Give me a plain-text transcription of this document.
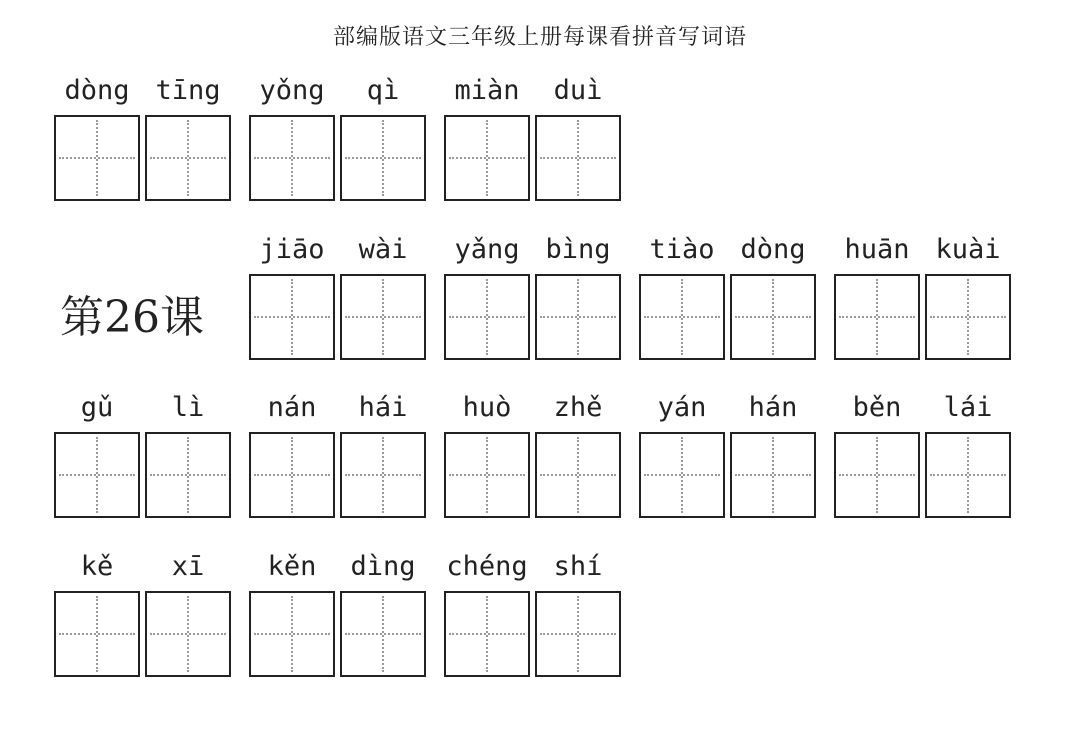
部编版语文三年级上册每课看拼音写词语
第26课
dòng tīng	yǒng	qì	miàn	duì
jiāo	wài	yǎng bìng	tiào dòng	huān kuài
gǔ	lì	nán	hái	huò	zhě	yán	hán	běn	lái
kě	xī	kěn	dìng	chéng shí
